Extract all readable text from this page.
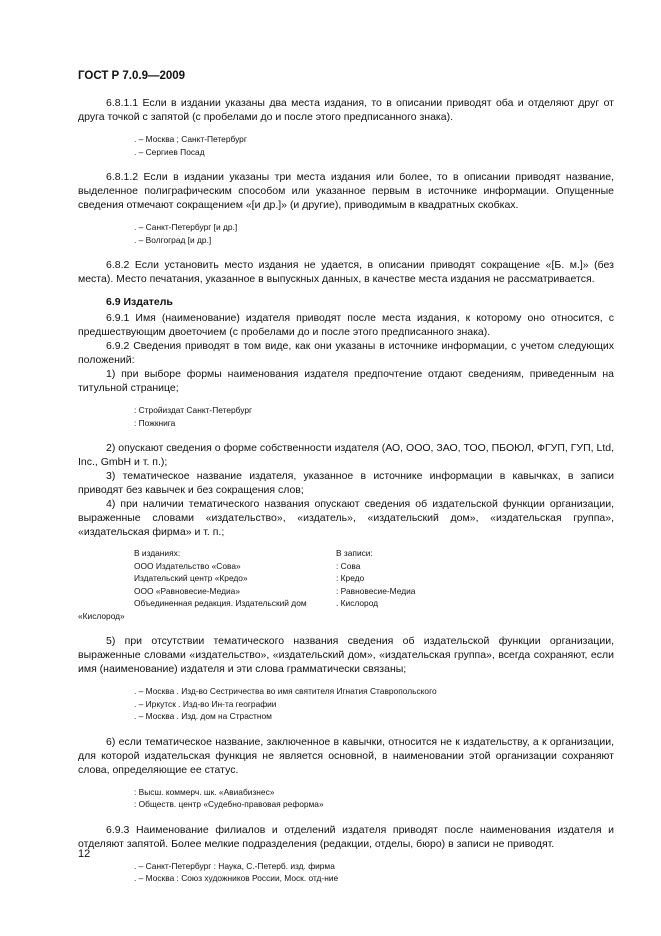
ГОСТ Р 7.0.9—2009

6.8.1.1 Если в издании указаны два места издания, то в описании приводят оба и отделяют друг от друга точкой с запятой (с пробелами до и после этого предписанного знака).

. – Москва ; Санкт-Петербург
. – Сергиев Посад

6.8.1.2 Если в издании указаны три места издания или более, то в описании приводят название, выделенное полиграфическим способом или указанное первым в источнике информации. Опущенные сведения отмечают сокращением «[и др.]» (и другие), приводимым в квадратных скобках.

. – Санкт-Петербург [и др.]
. – Волгоград [и др.]

6.8.2 Если установить место издания не удается, в описании приводят сокращение «[Б. м.]» (без места). Место печатания, указанное в выпускных данных, в качестве места издания не рассматривается.

6.9 Издатель

6.9.1 Имя (наименование) издателя приводят после места издания, к которому оно относится, с предшествующим двоеточием (с пробелами до и после этого предписанного знака).

6.9.2 Сведения приводят в том виде, как они указаны в источнике информации, с учетом следующих положений:

1) при выборе формы наименования издателя предпочтение отдают сведениям, приведенным на титульной странице;

: Стройиздат Санкт-Петербург
: Пожкнига

2) опускают сведения о форме собственности издателя (АО, ООО, ЗАО, ТОО, ПБОЮЛ, ФГУП, ГУП, Ltd, Inc., GmbH и т. п.);

3) тематическое название издателя, указанное в источнике информации в кавычках, в записи приводят без кавычек и без сокращения слов;

4) при наличии тематического названия опускают сведения об издательской функции организации, выраженные словами «издательство», «издатель», «издательский дом», «издательская группа», «издательская фирма» и т. п.;

В изданиях:
ООО Издательство «Сова»
Издательский центр «Кредо»
ООО «Равновесие-Медиа»
Объединенная редакция. Издательский дом
«Кислород»
В записи:
: Сова
: Кредо
: Равновесие-Медиа
. Кислород

5) при отсутствии тематического названия сведения об издательской функции организации, выраженные словами «издательство», «издательский дом», «издательская группа», всегда сохраняют, если имя (наименование) издателя и эти слова грамматически связаны;

. – Москва . Изд-во Сестричества во имя святителя Игнатия Ставропольского
. – Иркутск . Изд-во Ин-та географии
. – Москва . Изд. дом на Страстном

6) если тематическое название, заключенное в кавычки, относится не к издательству, а к организации, для которой издательская функция не является основной, в наименовании этой организации сохраняют слова, определяющие ее статус.

: Высш. коммерч. шк. «Авиабизнес»
: Обществ. центр «Судебно-правовая реформа»

6.9.3 Наименование филиалов и отделений издателя приводят после наименования издателя и отделяют запятой. Более мелкие подразделения (редакции, отделы, бюро) в записи не приводят.

. – Санкт-Петербург : Наука, С.-Петерб. изд. фирма
. – Москва : Союз художников России, Моск. отд-ние
12
